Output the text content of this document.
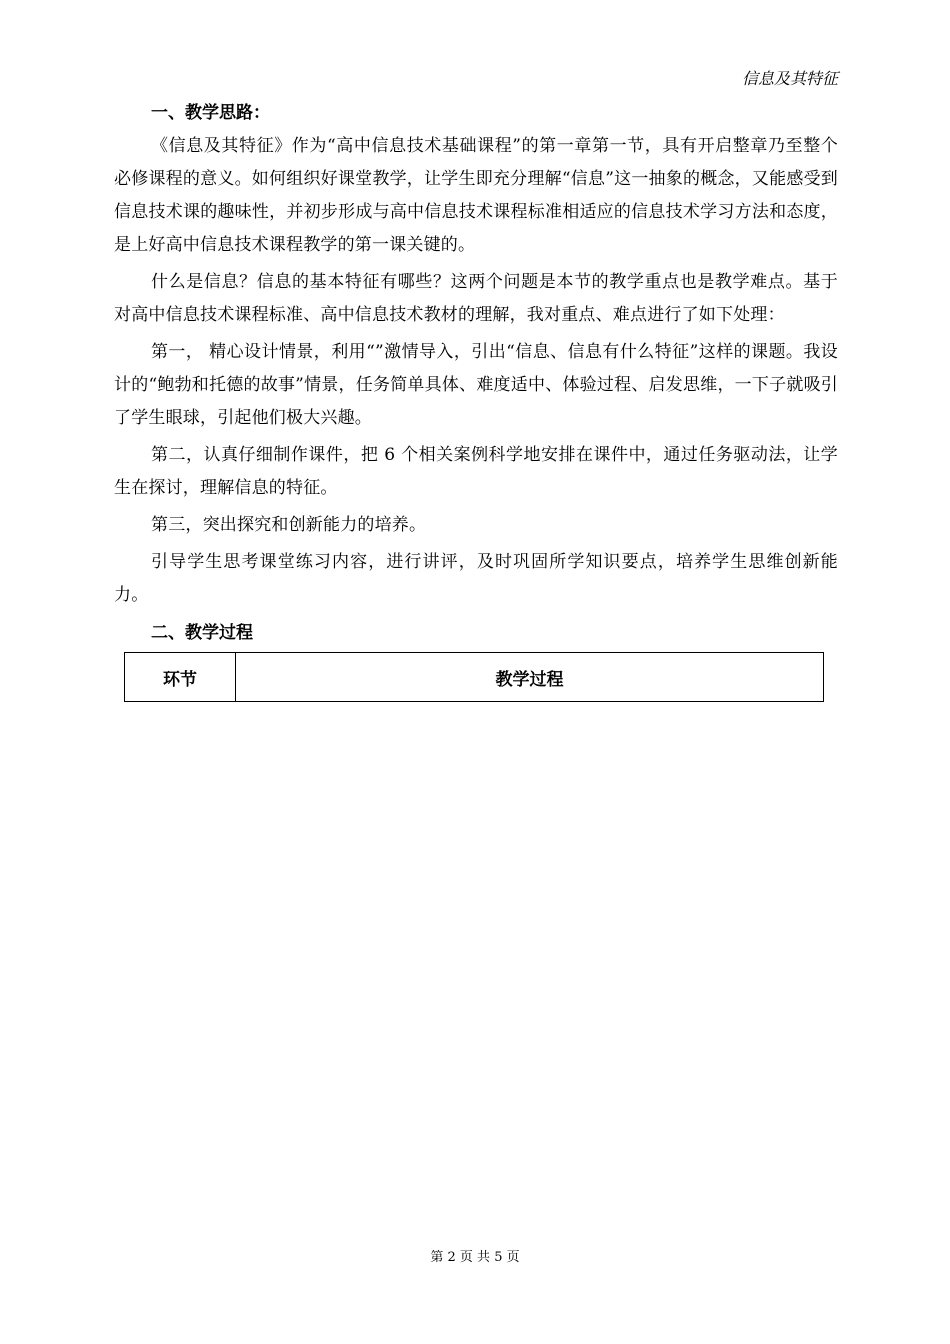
信息及其特征
一、教学思路：

《信息及其特征》作为“高中信息技术基础课程”的第一章第一节，具有开启整章乃至整个必修课程的意义。如何组织好课堂教学，让学生即充分理解“信息”这一抽象的概念，又能感受到信息技术课的趣味性，并初步形成与高中信息技术课程标准相适应的信息技术学习方法和态度，是上好高中信息技术课程教学的第一课关键的。

什么是信息？信息的基本特征有哪些？这两个问题是本节的教学重点也是教学难点。基于对高中信息技术课程标准、高中信息技术教材的理解，我对重点、难点进行了如下处理：

第一， 精心设计情景，利用“”激情导入，引出“信息、信息有什么特征”这样的课题。我设计的“鲍勃和托德的故事”情景，任务简单具体、难度适中、体验过程、启发思维，一下子就吸引了学生眼球，引起他们极大兴趣。

第二，认真仔细制作课件，把 6 个相关案例科学地安排在课件中，通过任务驱动法，让学生在探讨，理解信息的特征。

第三，突出探究和创新能力的培养。

引导学生思考课堂练习内容，进行讲评，及时巩固所学知识要点，培养学生思维创新能力。

二、教学过程
环节	教学过程
第 2 页 共 5 页
